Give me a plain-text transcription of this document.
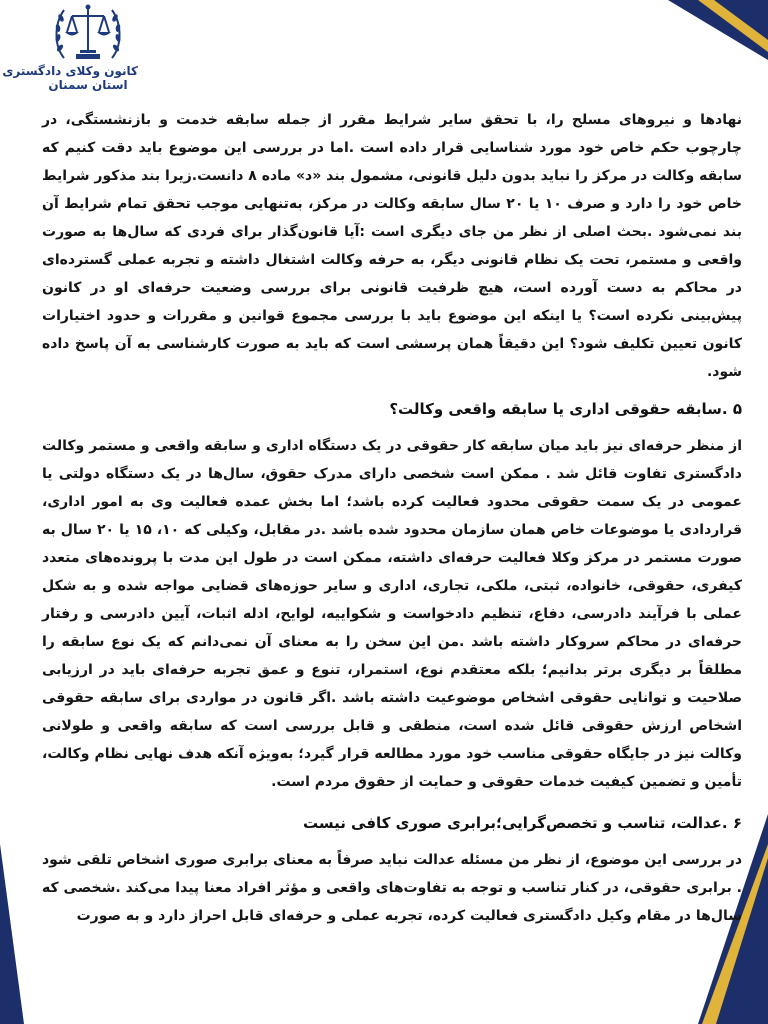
کانون وکلای دادگستری
استان سمنان

نهادها و نیروهای مسلح را، با تحقق سایر شرایط مقرر از جمله سابقه خدمت و بازنشستگی، در چارچوب حکم خاص خود مورد شناسایی قرار داده است .اما در بررسی این موضوع باید دقت کنیم که سابقه وکالت در مرکز را نباید بدون دلیل قانونی، مشمول بند «د» ماده ۸ دانست.زیرا بند مذکور شرایط خاص خود را دارد و صرف ۱۰ یا ۲۰ سال سابقه وکالت در مرکز، به‌تنهایی موجب تحقق تمام شرایط آن بند نمی‌شود .بحث اصلی از نظر من جای دیگری است :آیا قانون‌گذار برای فردی که سال‌ها به صورت واقعی و مستمر، تحت یک نظام قانونی دیگر، به حرفه وکالت اشتغال داشته و تجربه عملی گسترده‌ای در محاکم به دست آورده است، هیچ ظرفیت قانونی برای بررسی وضعیت حرفه‌ای او در کانون پیش‌بینی نکرده است؟ یا اینکه این موضوع باید با بررسی مجموع قوانین و مقررات و حدود اختیارات کانون تعیین تکلیف شود؟ این دقیقاً همان پرسشی است که باید به صورت کارشناسی به آن پاسخ داده شود.

۵ .سابقه حقوقی اداری یا سابقه واقعی وکالت؟

از منظر حرفه‌ای نیز باید میان سابقه کار حقوقی در یک دستگاه اداری و سابقه واقعی و مستمر وکالت دادگستری تفاوت قائل شد . ممکن است شخصی دارای مدرک حقوق، سال‌ها در یک دستگاه دولتی یا عمومی در یک سمت حقوقی محدود فعالیت کرده باشد؛ اما بخش عمده فعالیت وی به امور اداری، قراردادی یا موضوعات خاص همان سازمان محدود شده باشد .در مقابل، وکیلی که ۱۰، ۱۵ یا ۲۰ سال به صورت مستمر در مرکز وکلا فعالیت حرفه‌ای داشته، ممکن است در طول این مدت با پرونده‌های متعدد کیفری، حقوقی، خانواده، ثبتی، ملکی، تجاری، اداری و سایر حوزه‌های قضایی مواجه شده و به شکل عملی با فرآیند دادرسی، دفاع، تنظیم دادخواست و شکواییه، لوایح، ادله اثبات، آیین دادرسی و رفتار حرفه‌ای در محاکم سروکار داشته باشد .من این سخن را به معنای آن نمی‌دانم که یک نوع سابقه را مطلقاً بر دیگری برتر بدانیم؛ بلکه معتقدم نوع، استمرار، تنوع و عمق تجربه حرفه‌ای باید در ارزیابی صلاحیت و توانایی حقوقی اشخاص موضوعیت داشته باشد .اگر قانون در مواردی برای سابقه حقوقی اشخاص ارزش حقوقی قائل شده است، منطقی و قابل بررسی است که سابقه واقعی و طولانی وکالت نیز در جایگاه حقوقی مناسب خود مورد مطالعه قرار گیرد؛ به‌ویژه آنکه هدف نهایی نظام وکالت، تأمین و تضمین کیفیت خدمات حقوقی و حمایت از حقوق مردم است.

۶ .عدالت، تناسب و تخصص‌گرایی؛برابری صوری کافی نیست

در بررسی این موضوع، از نظر من مسئله عدالت نباید صرفاً به معنای برابری صوری اشخاص تلقی شود . برابری حقوقی، در کنار تناسب و توجه به تفاوت‌های واقعی و مؤثر افراد معنا پیدا می‌کند .شخصی که سال‌ها در مقام وکیل دادگستری فعالیت کرده، تجربه عملی و حرفه‌ای قابل احراز دارد و به صورت
